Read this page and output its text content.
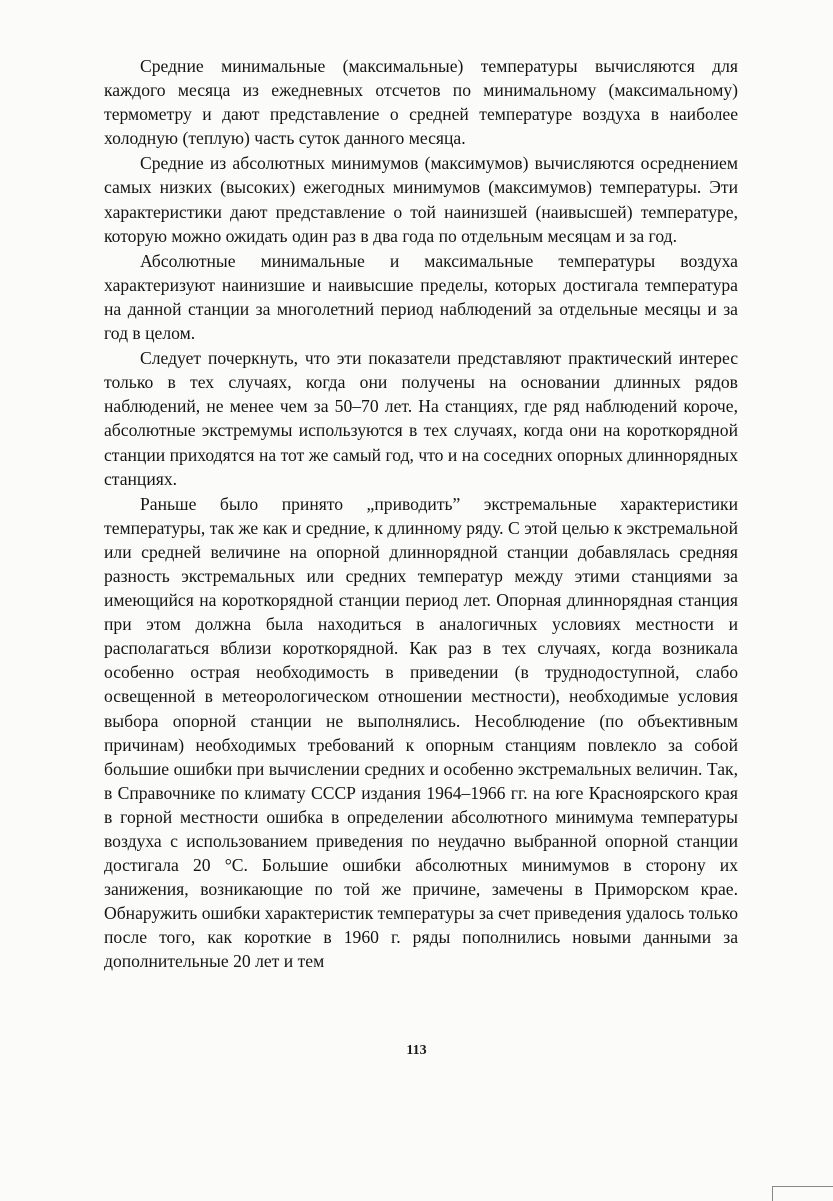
Средние минимальные (максимальные) температуры вычисляются для каждого месяца из ежедневных отсчетов по минимальному (максимальному) термометру и дают представление о средней температуре воздуха в наиболее холодную (теплую) часть суток данного месяца.

Средние из абсолютных минимумов (максимумов) вычисляются осреднением самых низких (высоких) ежегодных минимумов (максимумов) температуры. Эти характеристики дают представление о той наинизшей (наивысшей) температуре, которую можно ожидать один раз в два года по отдельным месяцам и за год.

Абсолютные минимальные и максимальные температуры воздуха характеризуют наинизшие и наивысшие пределы, которых достигала температура на данной станции за многолетний период наблюдений за отдельные месяцы и за год в целом.

Следует почеркнуть, что эти показатели представляют практический интерес только в тех случаях, когда они получены на основании длинных рядов наблюдений, не менее чем за 50–70 лет. На станциях, где ряд наблюдений короче, абсолютные экстремумы используются в тех случаях, когда они на короткорядной станции приходятся на тот же самый год, что и на соседних опорных длиннорядных станциях.

Раньше было принято „приводить” экстремальные характеристики температуры, так же как и средние, к длинному ряду. С этой целью к экстремальной или средней величине на опорной длиннорядной станции добавлялась средняя разность экстремальных или средних температур между этими станциями за имеющийся на короткорядной станции период лет. Опорная длиннорядная станция при этом должна была находиться в аналогичных условиях местности и располагаться вблизи короткорядной. Как раз в тех случаях, когда возникала особенно острая необходимость в приведении (в труднодоступной, слабо освещенной в метеорологическом отношении местности), необходимые условия выбора опорной станции не выполнялись. Несоблюдение (по объективным причинам) необходимых требований к опорным станциям повлекло за собой большие ошибки при вычислении средних и особенно экстремальных величин. Так, в Справочнике по климату СССР издания 1964–1966 гг. на юге Красноярского края в горной местности ошибка в определении абсолютного минимума температуры воздуха с использованием приведения по неудачно выбранной опорной станции достигала 20 °С. Большие ошибки абсолютных минимумов в сторону их занижения, возникающие по той же причине, замечены в Приморском крае. Обнаружить ошибки характеристик температуры за счет приведения удалось только после того, как короткие в 1960 г. ряды пополнились новыми данными за дополнительные 20 лет и тем

113
